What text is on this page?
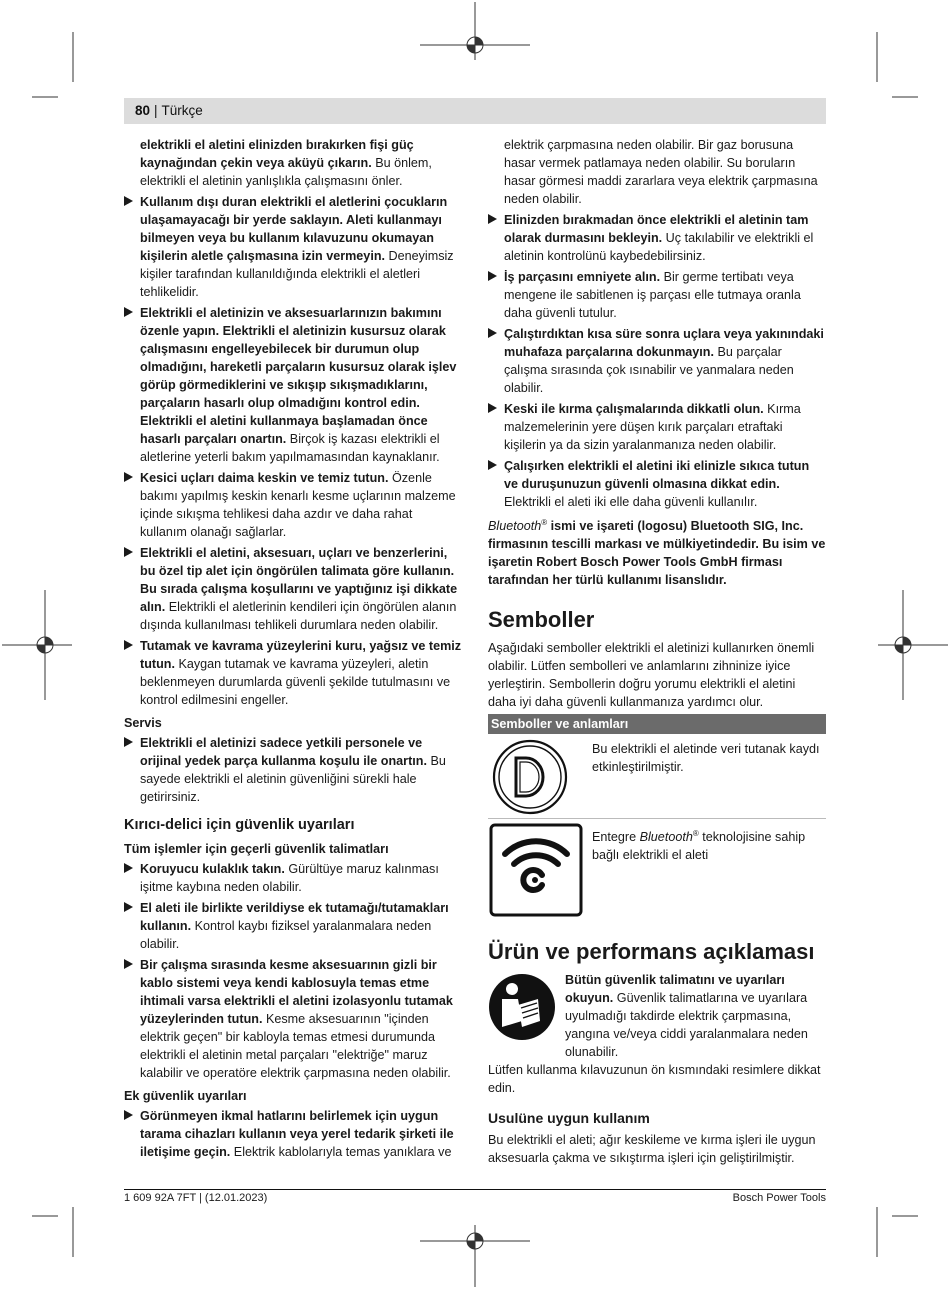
80 | Türkçe

elektrikli el aletini elinizden bırakırken fişi güç kaynağından çekin veya aküyü çıkarın. Bu önlem, elektrikli el aletinin yanlışlıkla çalışmasını önler.

Kullanım dışı duran elektrikli el aletlerini çocukların ulaşamayacağı bir yerde saklayın. Aleti kullanmayı bilmeyen veya bu kullanım kılavuzunu okumayan kişilerin aletle çalışmasına izin vermeyin. Deneyimsiz kişiler tarafından kullanıldığında elektrikli el aletleri tehlikelidir.
Elektrikli el aletinizin ve aksesuarlarınızın bakımını özenle yapın. Elektrikli el aletinizin kusursuz olarak çalışmasını engelleyebilecek bir durumun olup olmadığını, hareketli parçaların kusursuz olarak işlev görüp görmediklerini ve sıkışıp sıkışmadıklarını, parçaların hasarlı olup olmadığını kontrol edin. Elektrikli el aletini kullanmaya başlamadan önce hasarlı parçaları onartın. Birçok iş kazası elektrikli el aletlerine yeterli bakım yapılmamasından kaynaklanır.
Kesici uçları daima keskin ve temiz tutun. Özenle bakımı yapılmış keskin kenarlı kesme uçlarının malzeme içinde sıkışma tehlikesi daha azdır ve daha rahat kullanım olanağı sağlarlar.
Elektrikli el aletini, aksesuarı, uçları ve benzerlerini, bu özel tip alet için öngörülen talimata göre kullanın. Bu sırada çalışma koşullarını ve yaptığınız işi dikkate alın. Elektrikli el aletlerinin kendileri için öngörülen alanın dışında kullanılması tehlikeli durumlara neden olabilir.
Tutamak ve kavrama yüzeylerini kuru, yağsız ve temiz tutun. Kaygan tutamak ve kavrama yüzeyleri, aletin beklenmeyen durumlarda güvenli şekilde tutulmasını ve kontrol edilmesini engeller.
Servis
Elektrikli el aletinizi sadece yetkili personele ve orijinal yedek parça kullanma koşulu ile onartın. Bu sayede elektrikli el aletinin güvenliğini sürekli hale getirirsiniz.
Kırıcı-delici için güvenlik uyarıları
Tüm işlemler için geçerli güvenlik talimatları
Koruyucu kulaklık takın. Gürültüye maruz kalınması işitme kaybına neden olabilir.
El aleti ile birlikte verildiyse ek tutamağı/tutamakları kullanın. Kontrol kaybı fiziksel yaralanmalara neden olabilir.
Bir çalışma sırasında kesme aksesuarının gizli bir kablo sistemi veya kendi kablosuyla temas etme ihtimali varsa elektrikli el aletini izolasyonlu tutamak yüzeylerinden tutun. Kesme aksesuarının "içinden elektrik geçen" bir kabloyla temas etmesi durumunda elektrikli el aletinin metal parçaları "elektriğe" maruz kalabilir ve operatöre elektrik çarpmasına neden olabilir.
Ek güvenlik uyarıları
Görünmeyen ikmal hatlarını belirlemek için uygun tarama cihazları kullanın veya yerel tedarik şirketi ile iletişime geçin. Elektrik kablolarıyla temas yanıklara ve

elektrik çarpmasına neden olabilir. Bir gaz borusuna hasar vermek patlamaya neden olabilir. Su boruların hasar görmesi maddi zararlara veya elektrik çarpmasına neden olabilir.

Elinizden bırakmadan önce elektrikli el aletinin tam olarak durmasını bekleyin. Uç takılabilir ve elektrikli el aletinin kontrolünü kaybedebilirsiniz.
İş parçasını emniyete alın. Bir germe tertibatı veya mengene ile sabitlenen iş parçası elle tutmaya oranla daha güvenli tutulur.
Çalıştırdıktan kısa süre sonra uçlara veya yakınındaki muhafaza parçalarına dokunmayın. Bu parçalar çalışma sırasında çok ısınabilir ve yanmalara neden olabilir.
Keski ile kırma çalışmalarında dikkatli olun. Kırma malzemelerinin yere düşen kırık parçaları etraftaki kişilerin ya da sizin yaralanmanıza neden olabilir.
Çalışırken elektrikli el aletini iki elinizle sıkıca tutun ve duruşunuzun güvenli olmasına dikkat edin. Elektrikli el aleti iki elle daha güvenli kullanılır.

Bluetooth® ismi ve işareti (logosu) Bluetooth SIG, Inc. firmasının tescilli markası ve mülkiyetindedir. Bu isim ve işaretin Robert Bosch Power Tools GmbH firması tarafından her türlü kullanımı lisanslıdır.

Semboller

Aşağıdaki semboller elektrikli el aletinizi kullanırken önemli olabilir. Lütfen sembolleri ve anlamlarını zihninize iyice yerleştirin. Sembollerin doğru yorumu elektrikli el aletini daha iyi daha güvenli kullanmanıza yardımcı olur.

Semboller ve anlamları
Bu elektrikli el aletinde veri tutanak kaydı etkinleştirilmiştir.
Entegre Bluetooth® teknolojisine sahip bağlı elektrikli el aleti
Ürün ve performans açıklaması
Bütün güvenlik talimatını ve uyarıları okuyun. Güvenlik talimatlarına ve uyarılara uyulmadığı takdirde elektrik çarpmasına, yangına ve/veya ciddi yaralanmalara neden olunabilir.

Lütfen kullanma kılavuzunun ön kısmındaki resimlere dikkat edin.

Usulüne uygun kullanım

Bu elektrikli el aleti; ağır keskileme ve kırma işleri ile uygun aksesuarla çakma ve sıkıştırma işleri için geliştirilmiştir.

1 609 92A 7FT | (12.01.2023)	Bosch Power Tools
